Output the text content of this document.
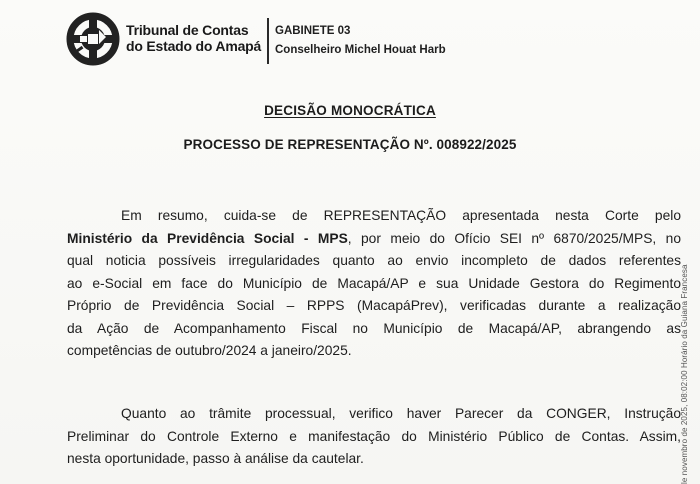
Tribunal de Contas
do Estado do Amapá
GABINETE 03
Conselheiro Michel Houat Harb
DECISÃO MONOCRÁTICA
PROCESSO DE REPRESENTAÇÃO Nº. 008922/2025
Em resumo, cuida-se de REPRESENTAÇÃO apresentada nesta Corte pelo
Ministério da Previdência Social - MPS, por meio do Ofício SEI nº 6870/2025/MPS, no
qual noticia possíveis irregularidades quanto ao envio incompleto de dados referentes
ao e-Social em face do Município de Macapá/AP e sua Unidade Gestora do Regimento
Próprio de Previdência Social – RPPS (MacapáPrev), verificadas durante a realização
da Ação de Acompanhamento Fiscal no Município de Macapá/AP, abrangendo as
competências de outubro/2024 a janeiro/2025.
Quanto ao trâmite processual, verifico haver Parecer da CONGER, Instrução
Preliminar do Controle Externo e manifestação do Ministério Público de Contas. Assim,
nesta oportunidade, passo à análise da cautelar.	le novembro de 2025, 08:02:00 Horário da Guiana Francesa
